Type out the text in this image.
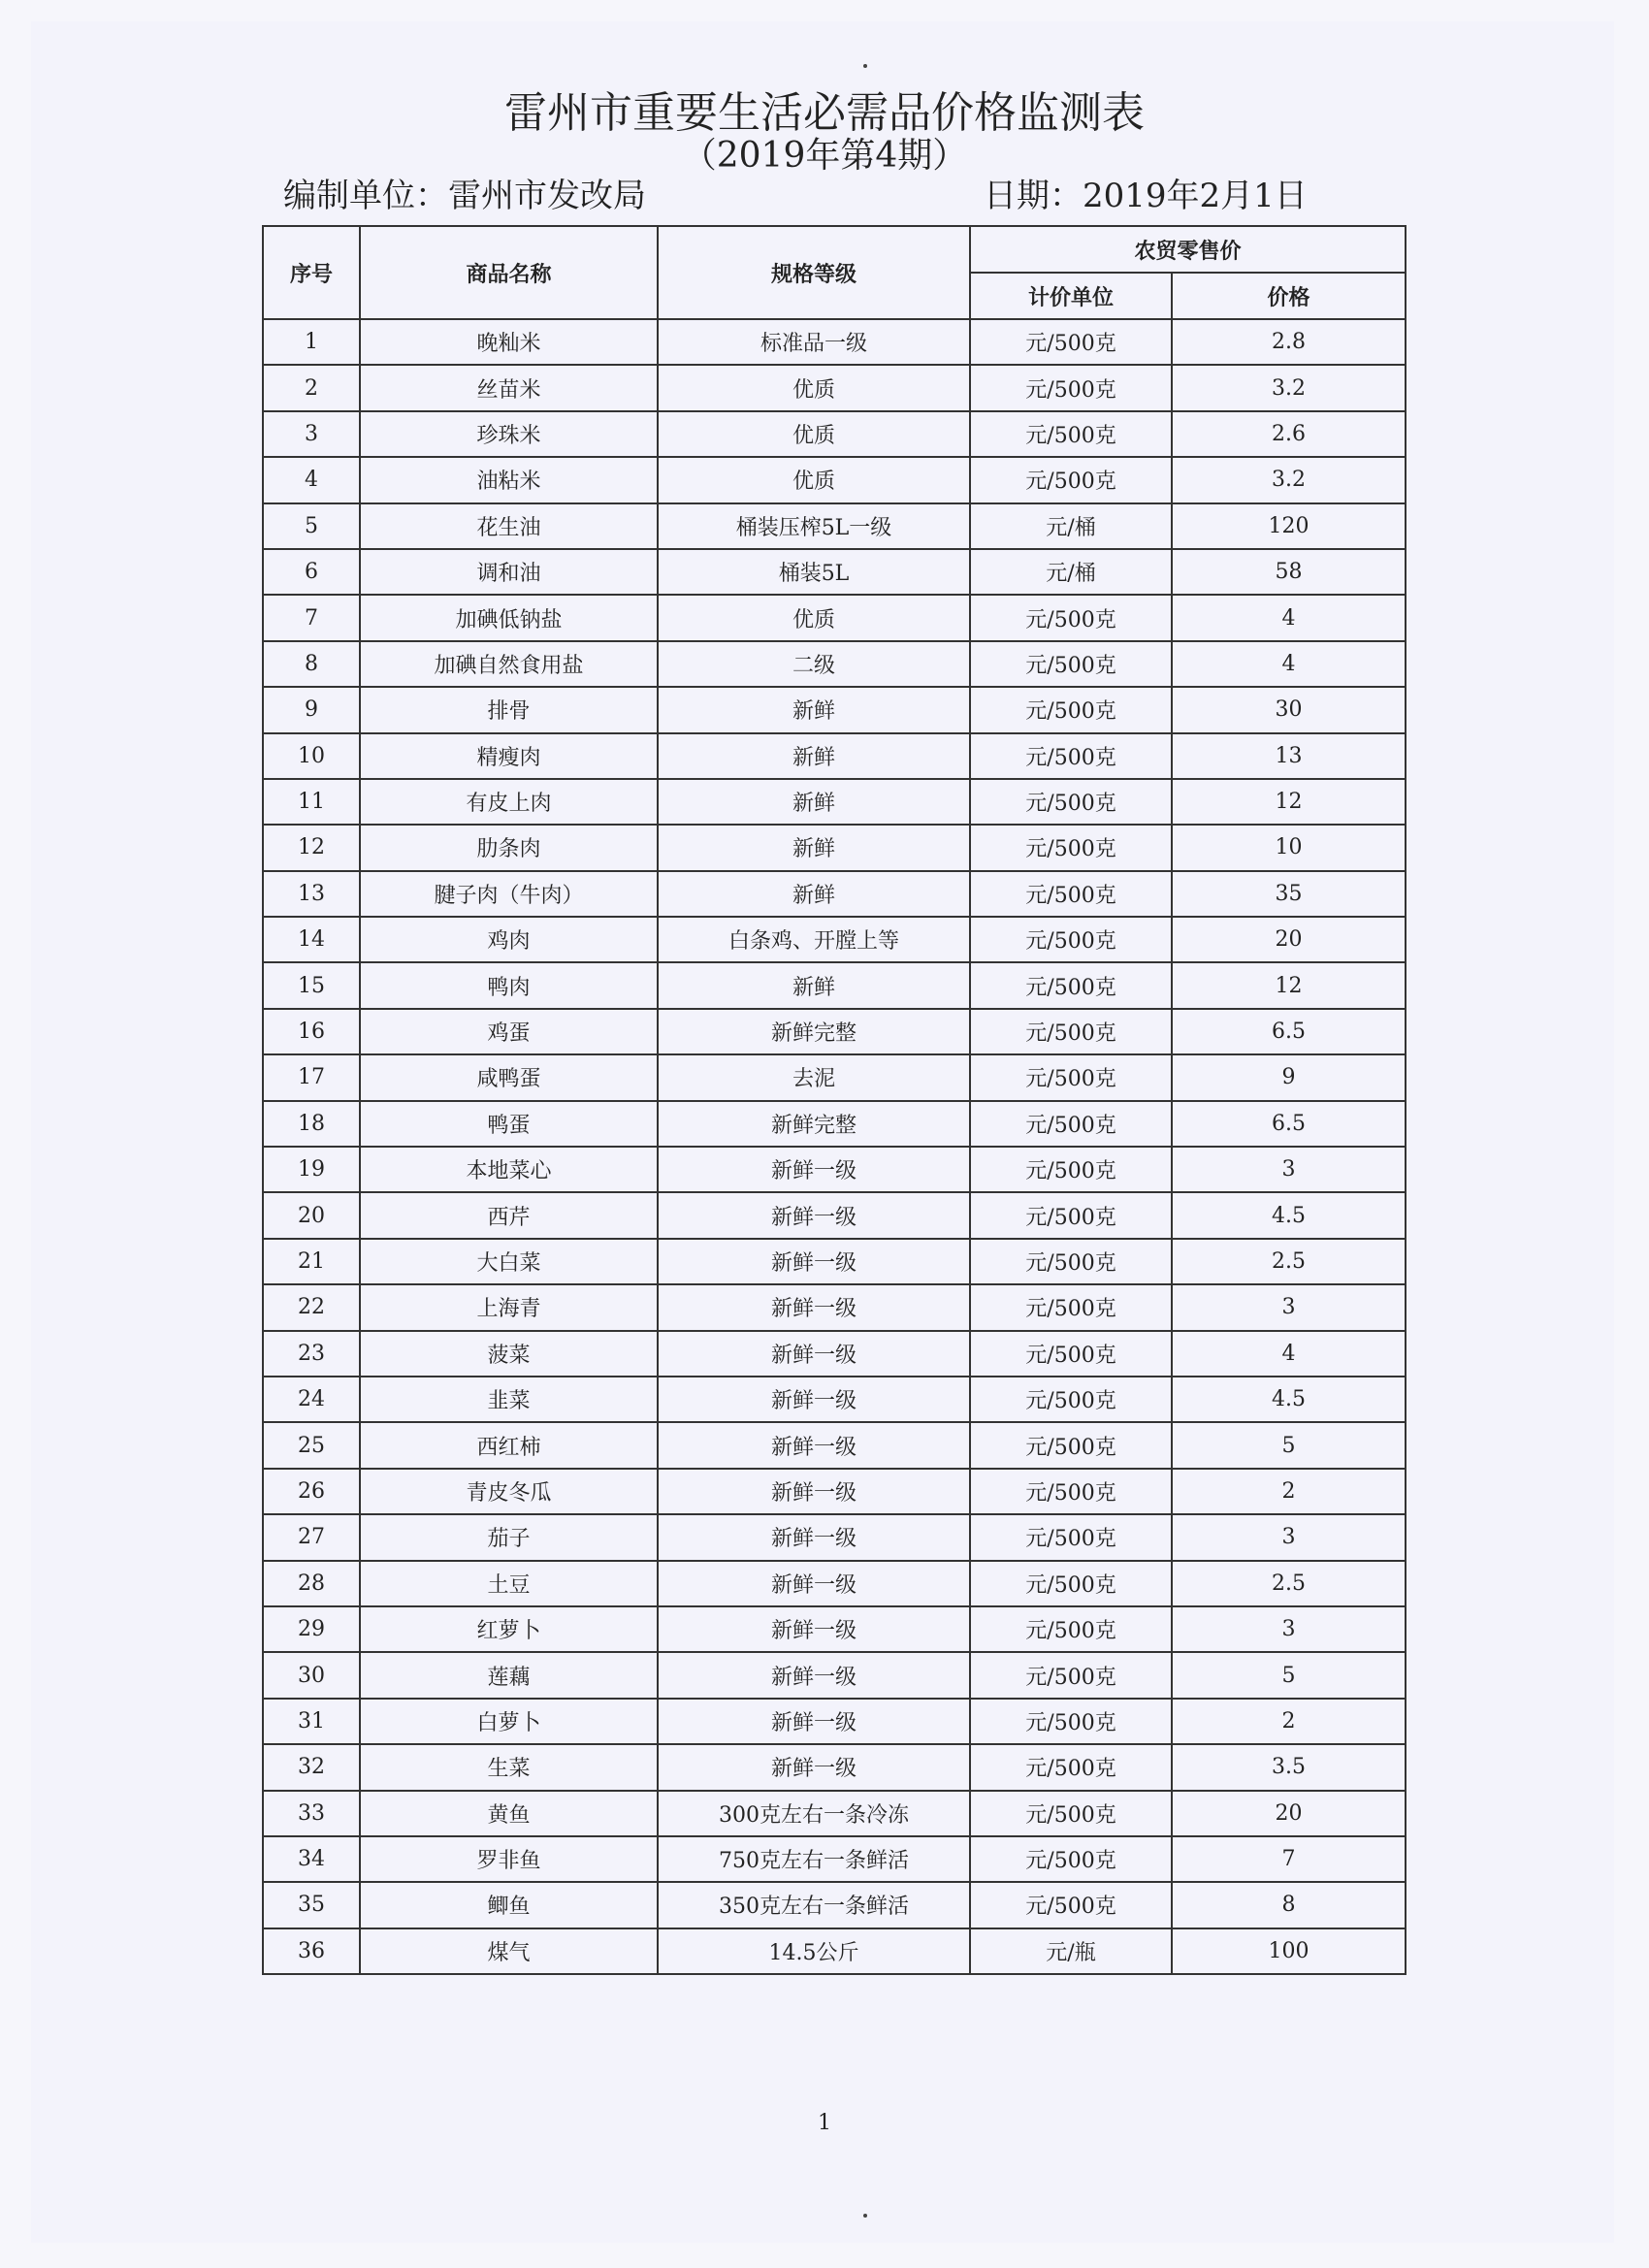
雷州市重要生活必需品价格监测表
（2019年第4期）
编制单位：雷州市发改局	日期：2019年2月1日
序号	商品名称	规格等级	农贸零售价	
			计价单位	价格
1	晚籼米	标准品一级	元/500克	2.8
2	丝苗米	优质	元/500克	3.2
3	珍珠米	优质	元/500克	2.6
4	油粘米	优质	元/500克	3.2
5	花生油	桶装压榨5L一级	元/桶	120
6	调和油	桶装5L	元/桶	58
7	加碘低钠盐	优质	元/500克	4
8	加碘自然食用盐	二级	元/500克	4
9	排骨	新鲜	元/500克	30
10	精瘦肉	新鲜	元/500克	13
11	有皮上肉	新鲜	元/500克	12
12	肋条肉	新鲜	元/500克	10
13	腱子肉（牛肉）	新鲜	元/500克	35
14	鸡肉	白条鸡、开膛上等	元/500克	20
15	鸭肉	新鲜	元/500克	12
16	鸡蛋	新鲜完整	元/500克	6.5
17	咸鸭蛋	去泥	元/500克	9
18	鸭蛋	新鲜完整	元/500克	6.5
19	本地菜心	新鲜一级	元/500克	3
20	西芹	新鲜一级	元/500克	4.5
21	大白菜	新鲜一级	元/500克	2.5
22	上海青	新鲜一级	元/500克	3
23	菠菜	新鲜一级	元/500克	4
24	韭菜	新鲜一级	元/500克	4.5
25	西红柿	新鲜一级	元/500克	5
26	青皮冬瓜	新鲜一级	元/500克	2
27	茄子	新鲜一级	元/500克	3
28	土豆	新鲜一级	元/500克	2.5
29	红萝卜	新鲜一级	元/500克	3
30	莲藕	新鲜一级	元/500克	5
31	白萝卜	新鲜一级	元/500克	2
32	生菜	新鲜一级	元/500克	3.5
33	黄鱼	300克左右一条冷冻	元/500克	20
34	罗非鱼	750克左右一条鲜活	元/500克	7
35	鲫鱼	350克左右一条鲜活	元/500克	8
36	煤气	14.5公斤	元/瓶	100
1
